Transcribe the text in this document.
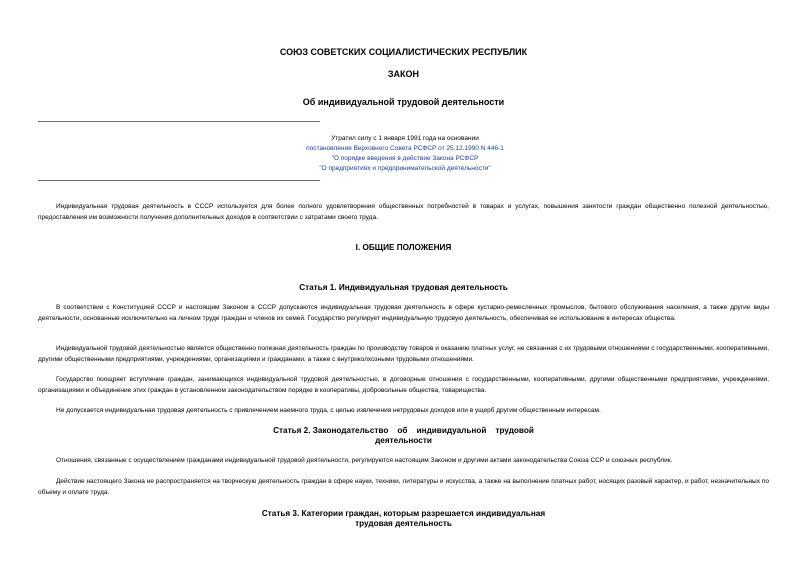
СОЮЗ СОВЕТСКИХ СОЦИАЛИСТИЧЕСКИХ РЕСПУБЛИК
ЗАКОН
Об индивидуальной трудовой деятельности
Утратил силу с 1 января 1991 года на основании
постановления Верховного Совета РСФСР от 25.12.1990 N 446-1
"О порядке введения в действие Закона РСФСР
"О предприятиях и предпринимательской деятельности"
Индивидуальная трудовая деятельность в СССР используется для более полного удовлетворения общественных потребностей в товарах и услугах, повышения занятости граждан общественно полезной деятельностью, предоставления им возможности получения дополнительных доходов в соответствии с затратами своего труда.
I. ОБЩИЕ ПОЛОЖЕНИЯ
Статья 1. Индивидуальная трудовая деятельность
В соответствии с Конституцией СССР и настоящим Законом в СССР допускаются индивидуальная трудовая деятельность в сфере кустарно-ремесленных промыслов, бытового обслуживания населения, а также другие виды деятельности, основанные исключительно на личном труде граждан и членов их семей. Государство регулирует индивидуальную трудовую деятельность, обеспечивая ее использование в интересах общества.
Индивидуальной трудовой деятельностью является общественно полезная деятельность граждан по производству товаров и оказанию платных услуг, не связанная с их трудовыми отношениями с государственными, кооперативными, другими общественными предприятиями, учреждениями, организациями и гражданами, а также с внутриколхозными трудовыми отношениями.
Государство поощряет вступление граждан, занимающихся индивидуальной трудовой деятельностью, в договорные отношения с государственными, кооперативными, другими общественными предприятиями, учреждениями, организациями и объединение этих граждан в установленном законодательством порядке в кооперативы, добровольные общества, товарищества.
Не допускается индивидуальная трудовая деятельность с привлечением наемного труда, с целью извлечения нетрудовых доходов или в ущерб другим общественным интересам.
Статья 2. Законодательство    об    индивидуальной    трудовой
деятельности
Отношения, связанные с осуществлением гражданами индивидуальной трудовой деятельности, регулируются настоящим Законом и другими актами законодательства Союза ССР и союзных республик.
Действие настоящего Закона не распространяется на творческую деятельность граждан в сфере науки, техники, литературы и искусства, а также на выполнение платных работ, носящих разовый характер, и работ, незначительных по объему и оплате труда.
Статья 3. Категории граждан, которым разрешается индивидуальная
трудовая деятельность
